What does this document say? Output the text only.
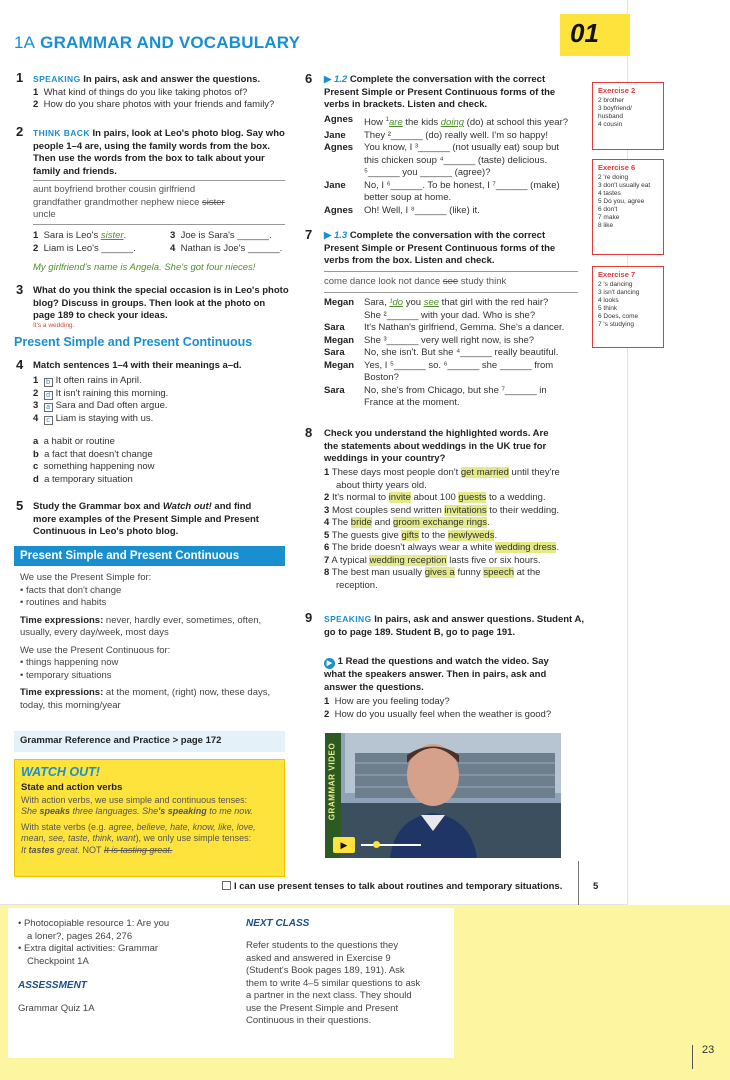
1A GRAMMAR AND VOCABULARY	01
1 SPEAKING In pairs, ask and answer the questions.
1 What kind of things do you like taking photos of?
2 How do you share photos with your friends and family?
2 THINK BACK In pairs, look at Leo's photo blog. Say who
people 1–4 are, using the family words from the box.
Then use the words from the box to talk about your
family and friends.
aunt boyfriend brother cousin girlfriend
grandfather grandmother nephew niece sister
uncle
1 Sara is Leo's sister.
2 Liam is Leo's ______.
3 Joe is Sara's ______.
4 Nathan is Joe's ______.
My girlfriend's name is Angela. She's got four nieces!
3 What do you think the special occasion is in Leo's photo
blog? Discuss in groups. Then look at the photo on
page 189 to check your ideas.
It's a wedding.
Present Simple and Present Continuous
4 Match sentences 1–4 with their meanings a–d.
1 b It often rains in April.
2 d It isn't raining this morning.
3 a Sara and Dad often argue.
4 c Liam is staying with us.
a a habit or routine
b a fact that doesn't change
c something happening now
d a temporary situation
5 Study the Grammar box and Watch out! and find
more examples of the Present Simple and Present
Continuous in Leo's photo blog.
Present Simple and Present Continuous
We use the Present Simple for:
• facts that don't change
• routines and habits
Time expressions: never, hardly ever, sometimes, often,
usually, every day/week, most days
We use the Present Continuous for:
• things happening now
• temporary situations
Time expressions: at the moment, (right) now, these days,
today, this morning/year
Grammar Reference and Practice > page 172
WATCH OUT!
State and action verbs
With action verbs, we use simple and continuous tenses:
She speaks three languages. She's speaking to me now.
With state verbs (e.g. agree, believe, hate, know, like, love,
mean, see, taste, think, want), we only use simple tenses:
It tastes great. NOT It is tasting great.
6 ▶ 1.2 Complete the conversation with the correct
Present Simple or Present Continuous forms of the
verbs in brackets. Listen and check.
Agnes	How $^1$are the kids doing (do) at school this year?
Jane	They ²______ (do) really well. I'm so happy!
Agnes	You know, I ³______ (not usually eat) soup but
this chicken soup ⁴______ (taste) delicious.
⁵______ you ______ (agree)?

Jane	No, I ⁶______. To be honest, I ⁷______ (make)
better soup at home.

Agnes	Oh! Well, I ⁸______ (like) it.
7 ▶ 1.3 Complete the conversation with the correct
Present Simple or Present Continuous forms of the
verbs from the box. Listen and check.
come dance look not dance see study think
Megan	Sara, ¹do you see that girl with the red hair?
	She ²______ with your dad. Who is she?
Sara	It's Nathan's girlfriend, Gemma. She's a dancer.
Megan	She ³______ very well right now, is she?
Sara	No, she isn't. But she ⁴______ really beautiful.
Megan	Yes, I ⁵______ so. ⁶______ she ______ from
Boston?

Sara	No, she's from Chicago, but she ⁷______ in
France at the moment.
8 Check you understand the highlighted words. Are
the statements about weddings in the UK true for
weddings in your country?
1 These days most people don't get married until they're
about thirty years old.
2 It's normal to invite about 100 guests to a wedding.
3 Most couples send written invitations to their wedding.
4 The bride and groom exchange rings.
5 The guests give gifts to the newlyweds.
6 The bride doesn't always wear a white wedding dress.
7 A typical wedding reception lasts five or six hours.
8 The best man usually gives a funny speech at the
reception.
9 SPEAKING In pairs, ask and answer questions. Student A,
go to page 189. Student B, go to page 191.
▶ 1 Read the questions and watch the video. Say
what the speakers answer. Then in pairs, ask and
answer the questions.
1 How are you feeling today?
2 How do you usually feel when the weather is good?
GRAMMAR VIDEO
▶
I can use present tenses to talk about routines and temporary situations.	5
Exercise 2
2 brother
3 boyfriend/
husband
4 cousin
Exercise 6
2 're doing
3 don't usually eat
4 tastes
5 Do you, agree
6 don't
7 make
8 like
Exercise 7
2 's dancing
3 isn't dancing
4 looks
5 think
6 Does, come
7 's studying
• Photocopiable resource 1: Are you
a loner?, pages 264, 276
• Extra digital activities: Grammar
Checkpoint 1A
ASSESSMENT
Grammar Quiz 1A
NEXT CLASS
Refer students to the questions they
asked and answered in Exercise 9
(Student's Book pages 189, 191). Ask
them to write 4–5 similar questions to ask
a partner in the next class. They should
use the Present Simple and Present
Continuous in their questions.
23
